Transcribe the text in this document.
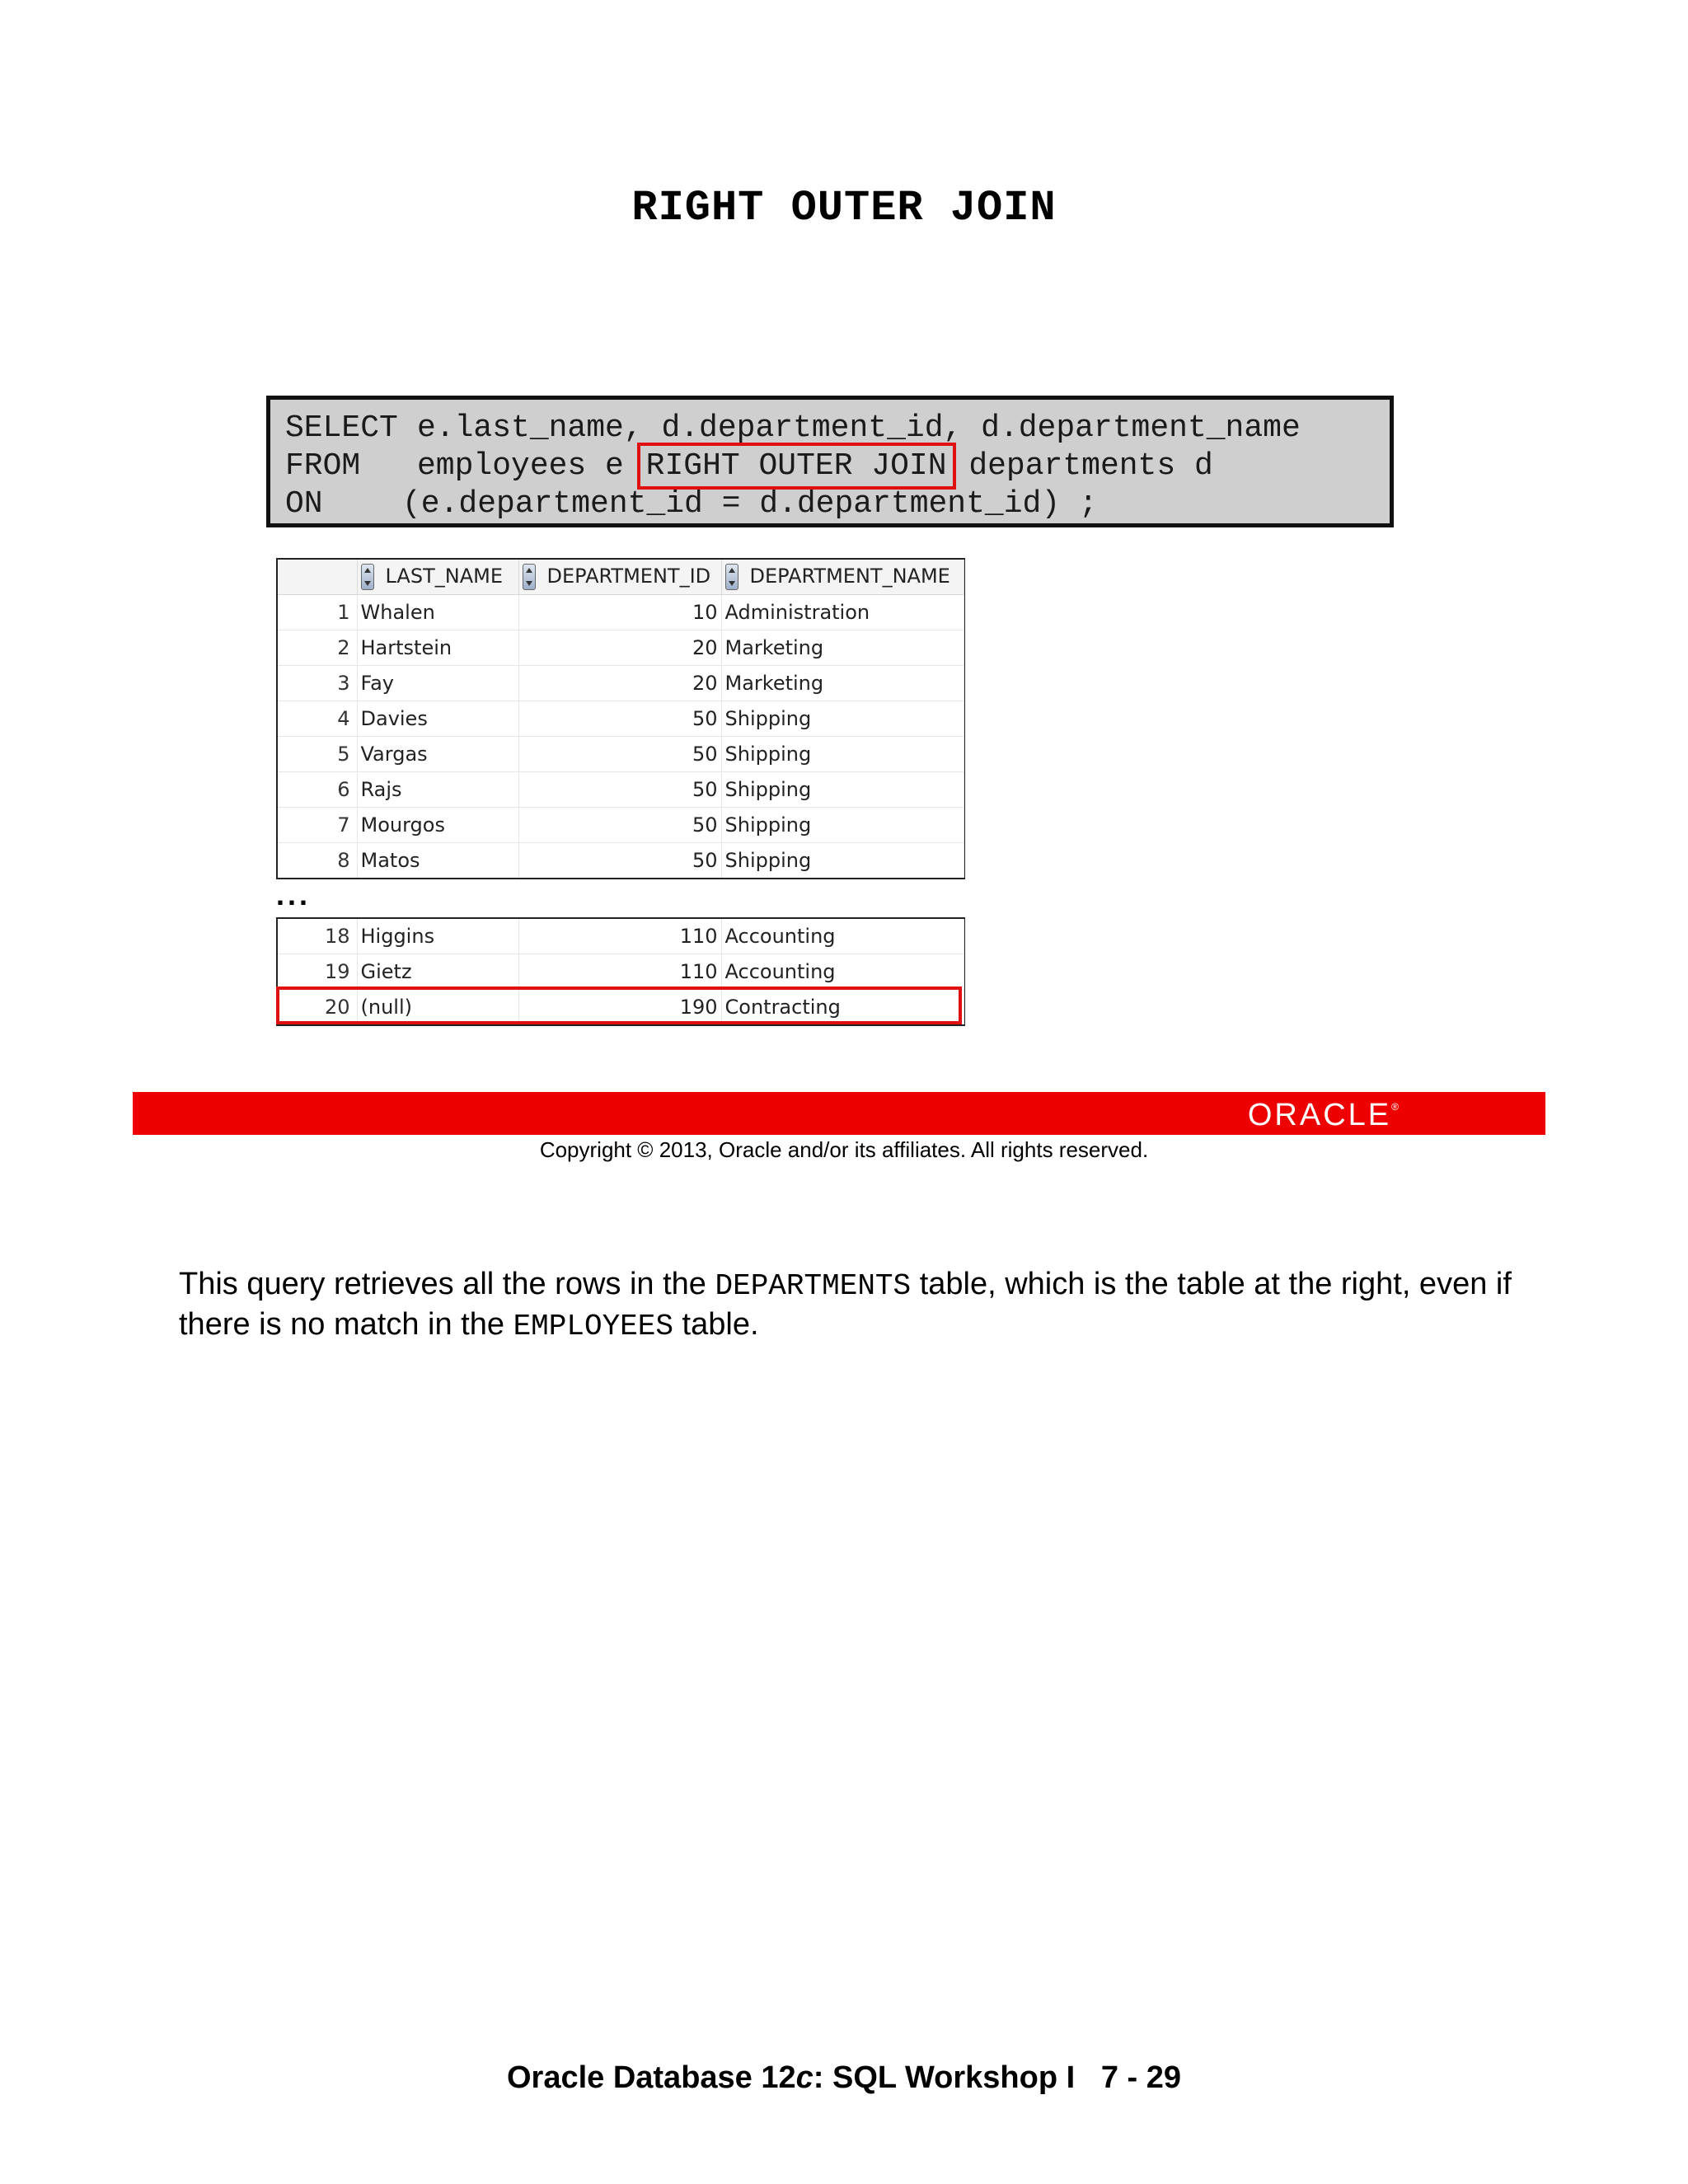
RIGHT OUTER JOIN
SELECT e.last_name, d.department_id, d.department_name
FROM employees e RIGHT OUTER JOIN departments d
ON	(e.department_id = d.department_id) ;
	LAST_NAME	DEPARTMENT_ID	DEPARTMENT_NAME
1	Whalen	10	Administration
2	Hartstein	20	Marketing
3	Fay	20	Marketing
4	Davies	50	Shipping
5	Vargas	50	Shipping
6	Rajs	50	Shipping
7	Mourgos	50	Shipping
8	Matos	50	Shipping
...
18	Higgins	110	Accounting
19	Gietz	110	Accounting
20	(null)	190	Contracting
ORACLE®
Copyright © 2013, Oracle and/or its affiliates. All rights reserved.

This query retrieves all the rows in the DEPARTMENTS table, which is the table at the right, even if there is no match in the EMPLOYEES table.

Oracle Database 12c: SQL Workshop I   7 - 29
